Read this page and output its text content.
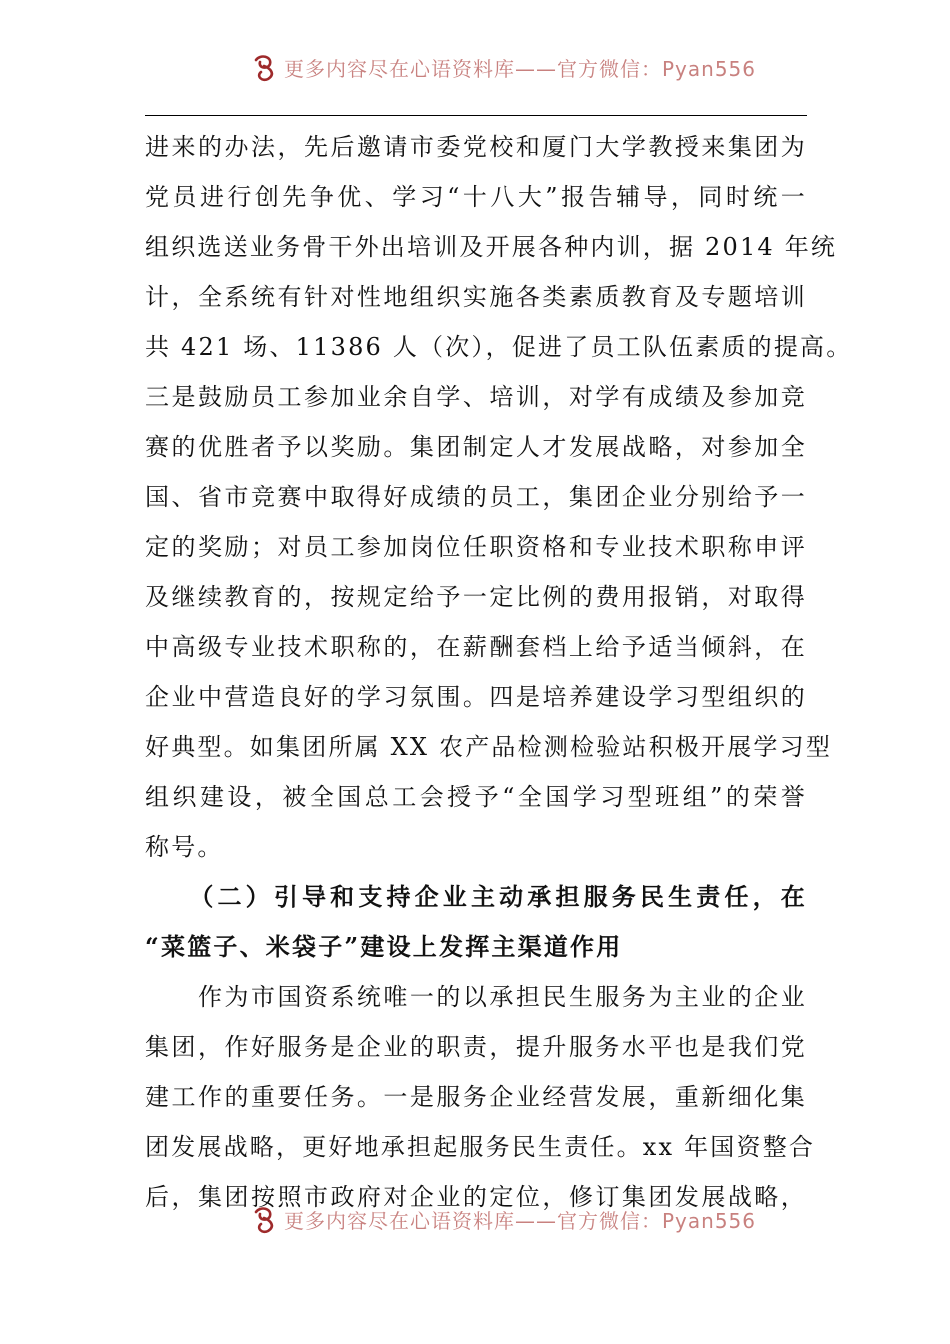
更多内容尽在心语资料库——官方微信：Pyan556
进来的办法，先后邀请市委党校和厦门大学教授来集团为
党员进行创先争优、学习“十八大”报告辅导，同时统一
组织选送业务骨干外出培训及开展各种内训，据 2014 年统
计，全系统有针对性地组织实施各类素质教育及专题培训
共 421 场、11386 人（次），促进了员工队伍素质的提高。
三是鼓励员工参加业余自学、培训，对学有成绩及参加竞
赛的优胜者予以奖励。集团制定人才发展战略，对参加全
国、省市竞赛中取得好成绩的员工，集团企业分别给予一
定的奖励；对员工参加岗位任职资格和专业技术职称申评
及继续教育的，按规定给予一定比例的费用报销，对取得
中高级专业技术职称的，在薪酬套档上给予适当倾斜，在
企业中营造良好的学习氛围。四是培养建设学习型组织的
好典型。如集团所属 XX 农产品检测检验站积极开展学习型
组织建设，被全国总工会授予“全国学习型班组”的荣誉
称号。
　　（二）引导和支持企业主动承担服务民生责任，在
“菜篮子、米袋子”建设上发挥主渠道作用
　　作为市国资系统唯一的以承担民生服务为主业的企业
集团，作好服务是企业的职责，提升服务水平也是我们党
建工作的重要任务。一是服务企业经营发展，重新细化集
团发展战略，更好地承担起服务民生责任。xx 年国资整合
后，集团按照市政府对企业的定位，修订集团发展战略，
更多内容尽在心语资料库——官方微信：Pyan556
